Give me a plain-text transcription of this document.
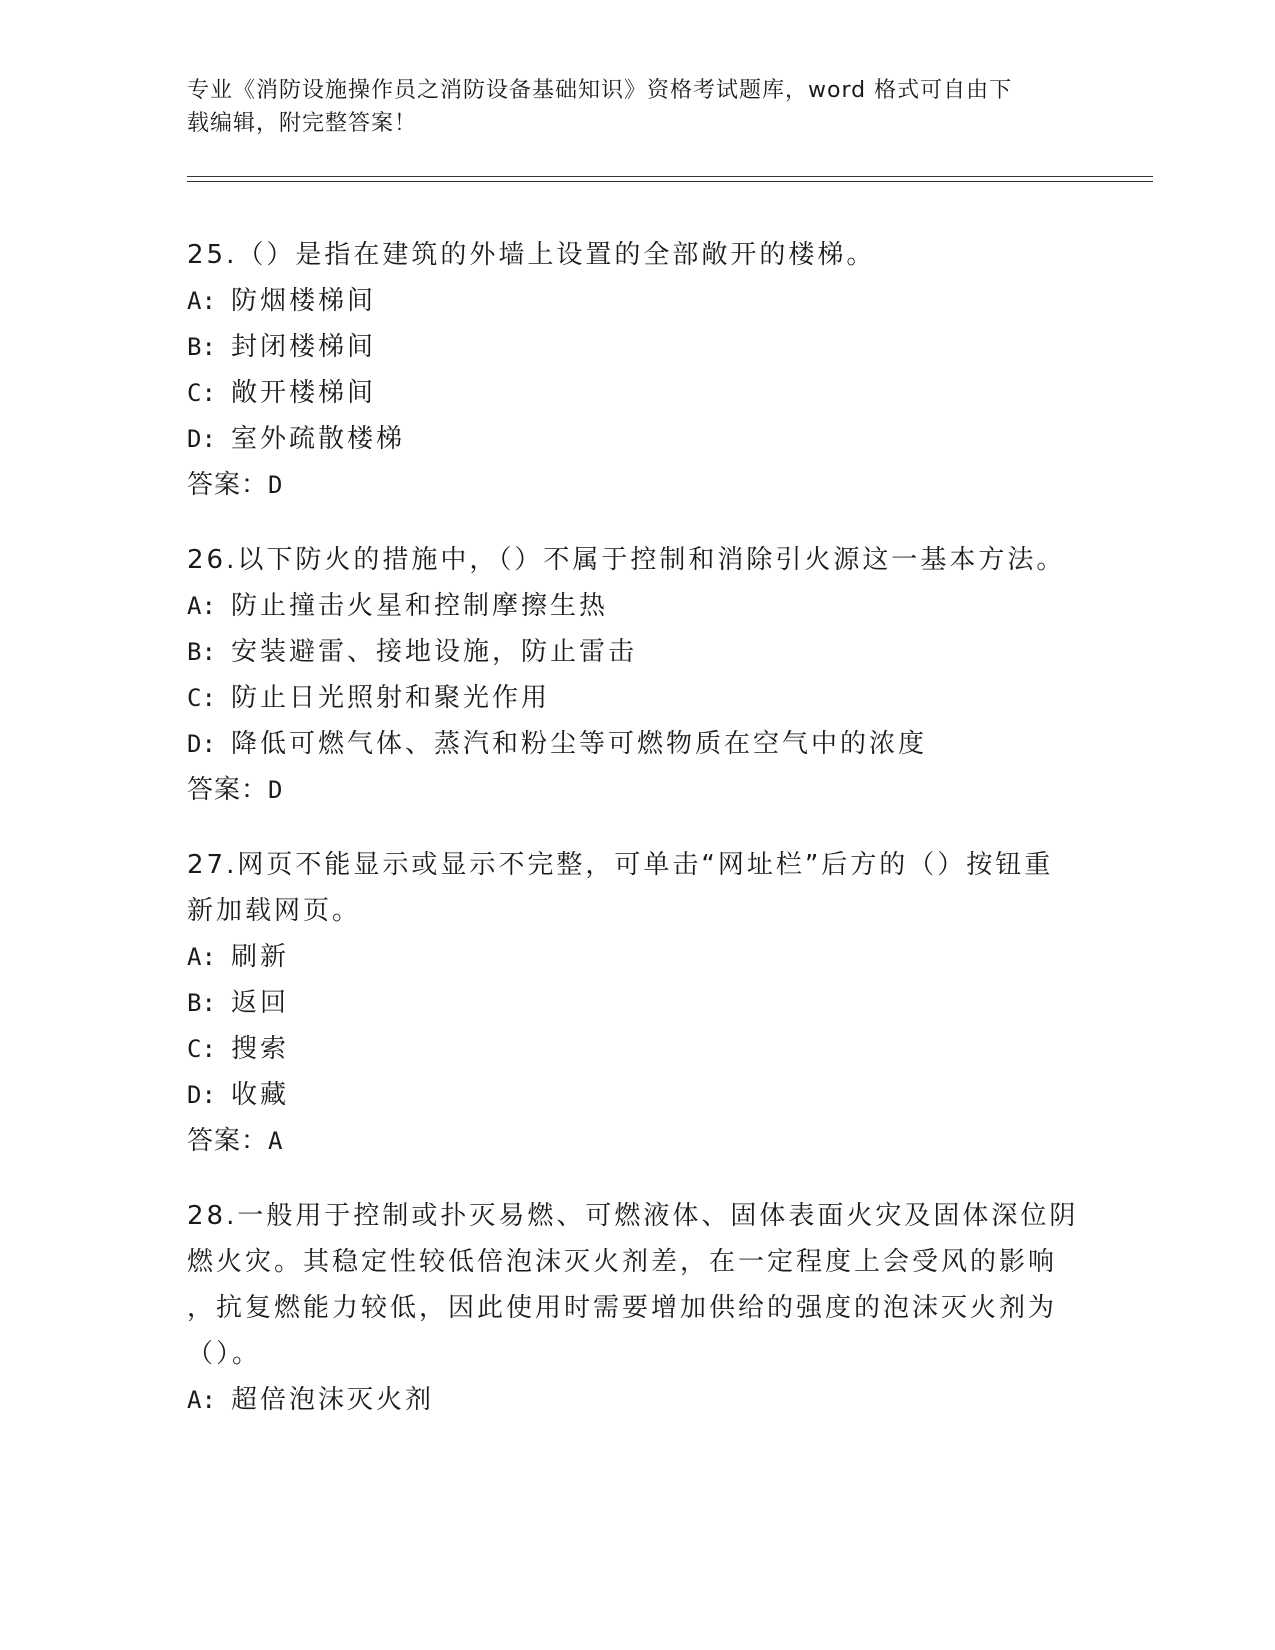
专业《消防设施操作员之消防设备基础知识》资格考试题库，word 格式可自由下
载编辑，附完整答案！
25.（）是指在建筑的外墙上设置的全部敞开的楼梯。
A: 防烟楼梯间
B: 封闭楼梯间
C: 敞开楼梯间
D: 室外疏散楼梯
答案：D
26.以下防火的措施中，（）不属于控制和消除引火源这一基本方法。
A: 防止撞击火星和控制摩擦生热
B: 安装避雷、接地设施，防止雷击
C: 防止日光照射和聚光作用
D: 降低可燃气体、蒸汽和粉尘等可燃物质在空气中的浓度
答案：D
27.网页不能显示或显示不完整，可单击“网址栏”后方的（）按钮重
新加载网页。
A: 刷新
B: 返回
C: 搜索
D: 收藏
答案：A
28.一般用于控制或扑灭易燃、可燃液体、固体表面火灾及固体深位阴
燃火灾。其稳定性较低倍泡沫灭火剂差，在一定程度上会受风的影响
，抗复燃能力较低，因此使用时需要增加供给的强度的泡沫灭火剂为
（）。
A: 超倍泡沫灭火剂
